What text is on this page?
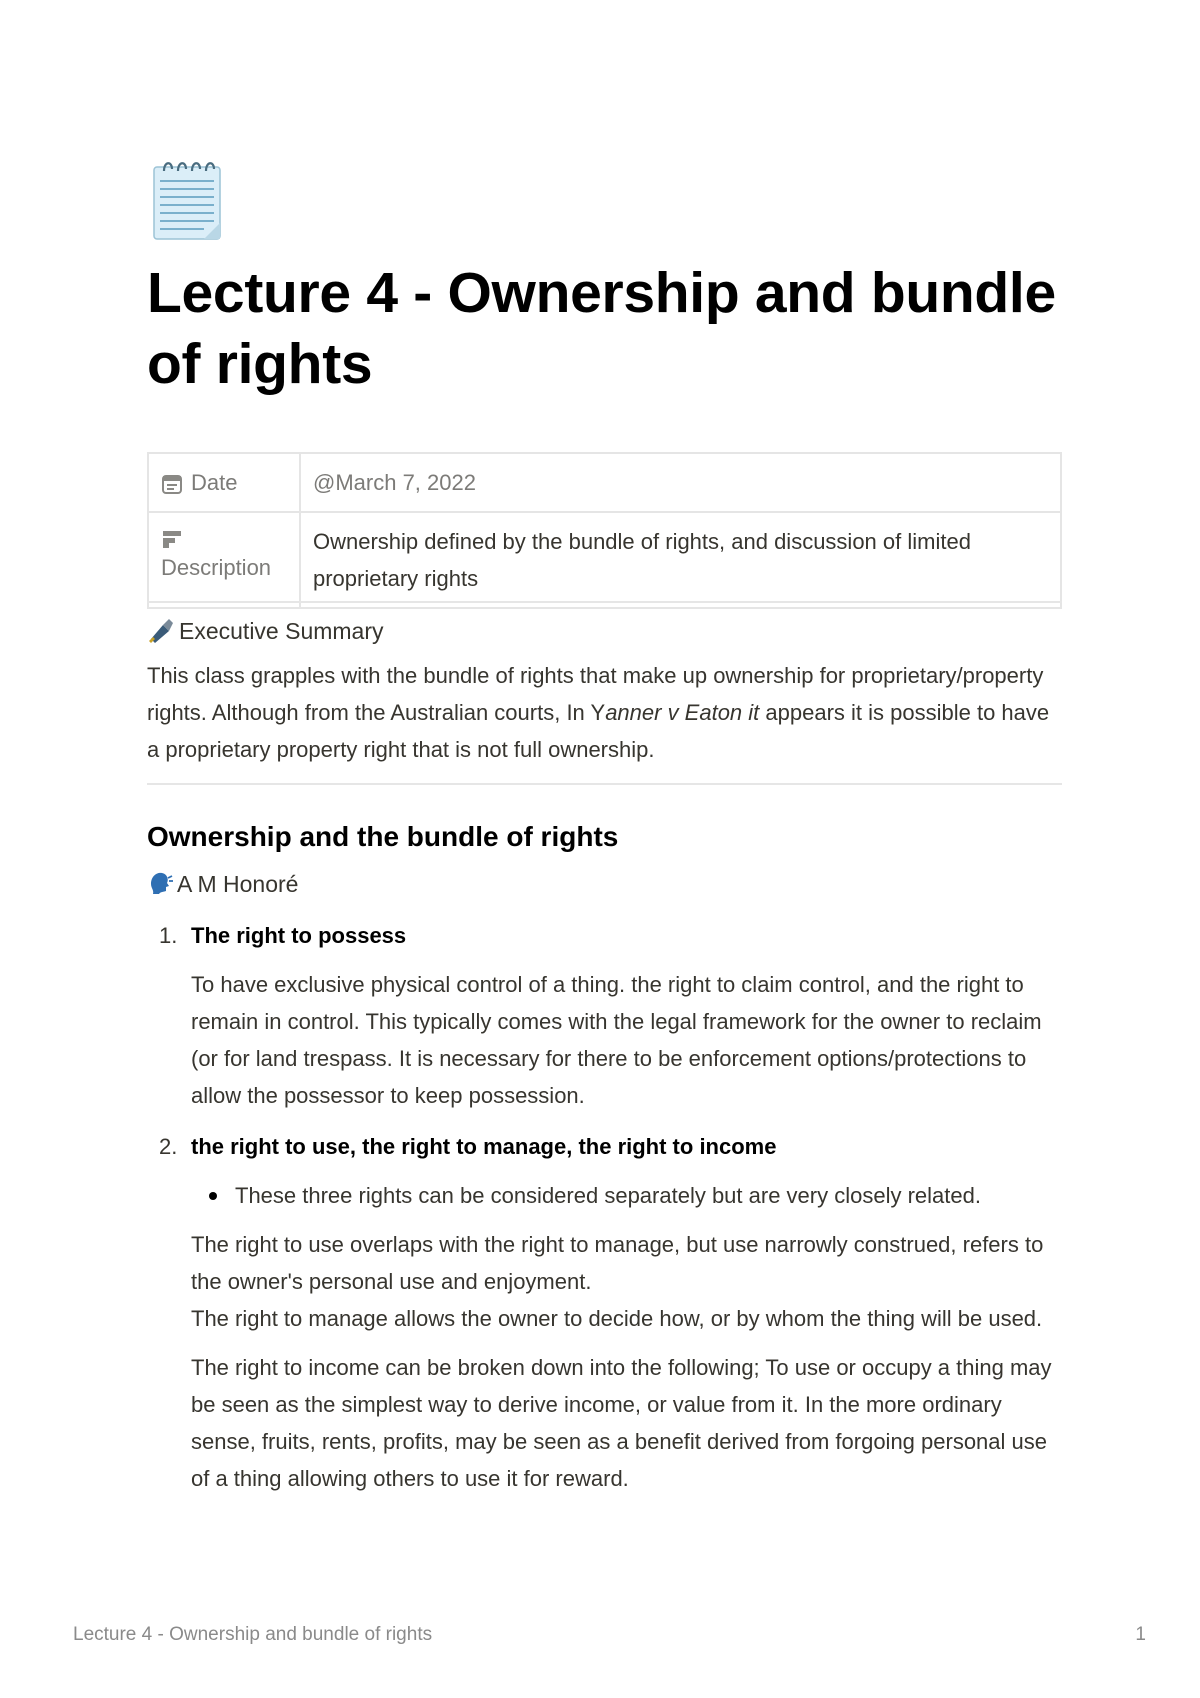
Lecture 4 - Ownership and bundle of rights
Date	@March 7, 2022

Description	Ownership defined by the bundle of rights, and discussion of limited proprietary rights
Executive Summary

This class grapples with the bundle of rights that make up ownership for proprietary/property rights. Although from the Australian courts, In Yanner v Eaton it appears it is possible to have a proprietary property right that is not full ownership.

Ownership and the bundle of rights
A M Honoré
1. The right to possess

To have exclusive physical control of a thing. the right to claim control, and the right to remain in control. This typically comes with the legal framework for the owner to reclaim (or for land trespass. It is necessary for there to be enforcement options/protections to allow the possessor to keep possession.

2. the right to use, the right to manage, the right to income

These three rights can be considered separately but are very closely related.

The right to use overlaps with the right to manage, but use narrowly construed, refers to the owner's personal use and enjoyment.
The right to manage allows the owner to decide how, or by whom the thing will be used.

The right to income can be broken down into the following; To use or occupy a thing may be seen as the simplest way to derive income, or value from it. In the more ordinary sense, fruits, rents, profits, may be seen as a benefit derived from forgoing personal use of a thing allowing others to use it for reward.

Lecture 4 - Ownership and bundle of rights	1
